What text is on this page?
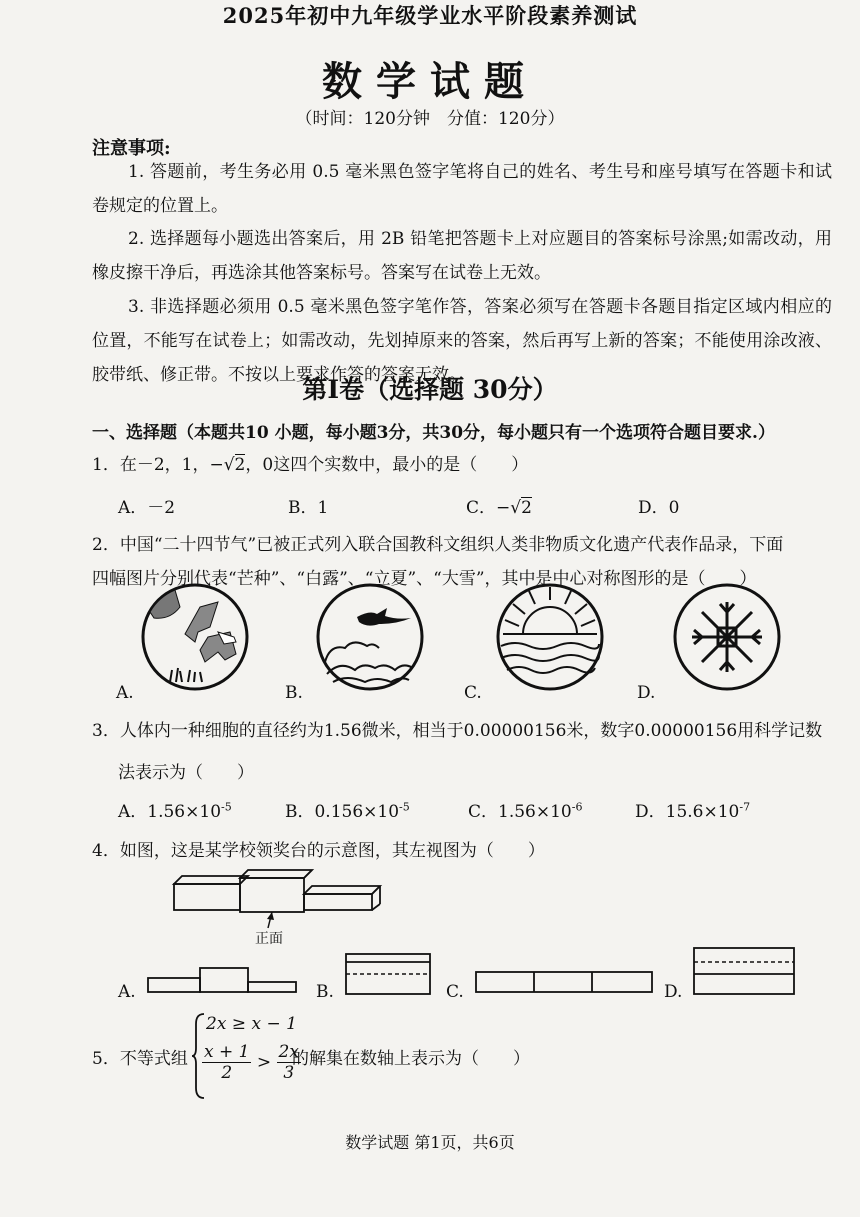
2025年初中九年级学业水平阶段素养测试
数学试题
（时间：120分钟　分值：120分）
注意事项:
1. 答题前，考生务必用 0.5 毫米黑色签字笔将自己的姓名、考生号和座号填写在答题卡和试卷规定的位置上。
2. 选择题每小题选出答案后，用 2B 铅笔把答题卡上对应题目的答案标号涂黑;如需改动，用橡皮擦干净后，再选涂其他答案标号。答案写在试卷上无效。
3. 非选择题必须用 0.5 毫米黑色签字笔作答，答案必须写在答题卡各题目指定区域内相应的位置，不能写在试卷上；如需改动，先划掉原来的答案，然后再写上新的答案；不能使用涂改液、胶带纸、修正带。不按以上要求作答的答案无效。
第I卷（选择题 30分）
一、选择题（本题共10 小题，每小题3分，共30分，每小题只有一个选项符合题目要求.）
1．在－2，1，−√2，0这四个实数中，最小的是（　　）
A．－2	B．1	C．−√2	D．0
2．中国“二十四节气”已被正式列入联合国教科文组织人类非物质文化遗产代表作品录，下面
四幅图片分别代表“芒种”、“白露”、“立夏”、“大雪”，其中是中心对称图形的是（　　）
A.	B.	C.	D.
3．人体内一种细胞的直径约为1.56微米，相当于0.00000156米，数字0.00000156用科学记数
法表示为（　　）
A．$1.56\times 10^{-5}$	B．$0.156\times 10^{-5}$	C．$1.56\times 10^{-6}$	D．$15.6\times 10^{-7}$
4．如图，这是某学校领奖台的示意图，其左视图为（　　）
正面
A.	B.	C.	D.
5．不等式组
2x ≥ x − 1
$\frac{x + 1}{2} > \frac{2x}{3}$
的解集在数轴上表示为（　　）
数学试题 第1页，共6页
